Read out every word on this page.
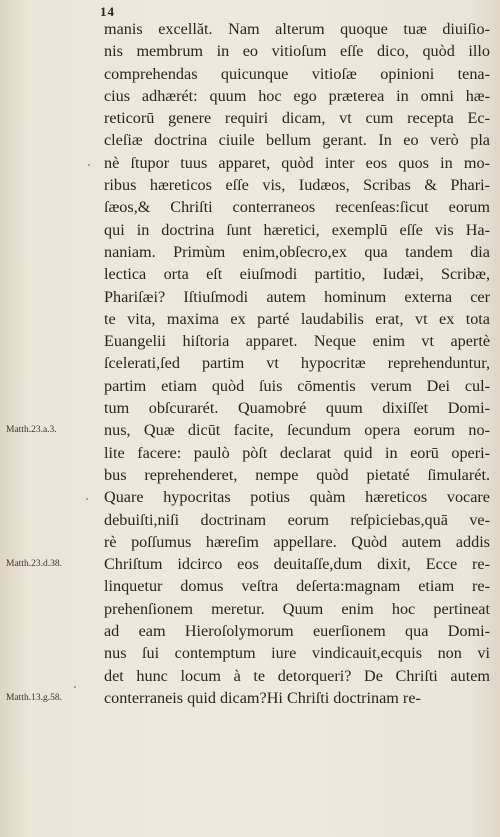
14
manis excellăt. Nam alterum quoque tuæ diuiſio-
nis membrum in eo vitioſum eſſe dico, quòd illo
comprehendas quicunque vitioſæ opinioni tena-
cius adhærét: quum hoc ego præterea in omni hæ-
reticorū genere requiri dicam, vt cum recepta Ec-
cleſiæ doctrina ciuile bellum gerant. In eo verò pla
nè ſtupor tuus apparet, quòd inter eos quos in mo-
ribus hæreticos eſſe vis, Iudæos, Scribas & Phari-
ſæos,& Chriſti conterraneos recenſeas:ſicut eorum
qui in doctrina ſunt hæretici, exemplū eſſe vis Ha-
naniam. Primùm enim,obſecro,ex qua tandem dia
lectica orta eſt eiuſmodi partitio, Iudæi, Scribæ,
Phariſæi? Iſtiuſmodi autem hominum externa cer
te vita, maxima ex parté laudabilis erat, vt ex tota
Euangelii hiſtoria apparet. Neque enim vt apertè
ſcelerati,ſed partim vt hypocritæ reprehenduntur,
partim etiam quòd ſuis cōmentis verum Dei cul-
tum obſcurarét. Quamobré quum dixiſſet Domi-
nus, Quæ dicūt facite, ſecundum opera eorum no-
lite facere: paulò pòſt declarat quid in eorū operi-
bus reprehenderet, nempe quòd pietaté ſimularét.
Quare hypocritas potius quàm hæreticos vocare
debuiſti,niſi doctrinam eorum reſpiciebas,quā ve-
rè poſſumus hæreſim appellare. Quòd autem addis
Chriſtum idcirco eos deuitaſſe,dum dixit, Ecce re-
linquetur domus veſtra deſerta:magnam etiam re-
prehenſionem meretur. Quum enim hoc pertineat
ad eam Hieroſolymorum euerſionem qua Domi-
nus ſui contemptum iure vindicauit,ecquis non vi
det hunc locum à te detorqueri? De Chriſti autem
conterraneis quid dicam?Hi Chriſti doctrinam re-
Matth.23.a.3.
Matth.23.d.38.
Matth.13.g.58.
